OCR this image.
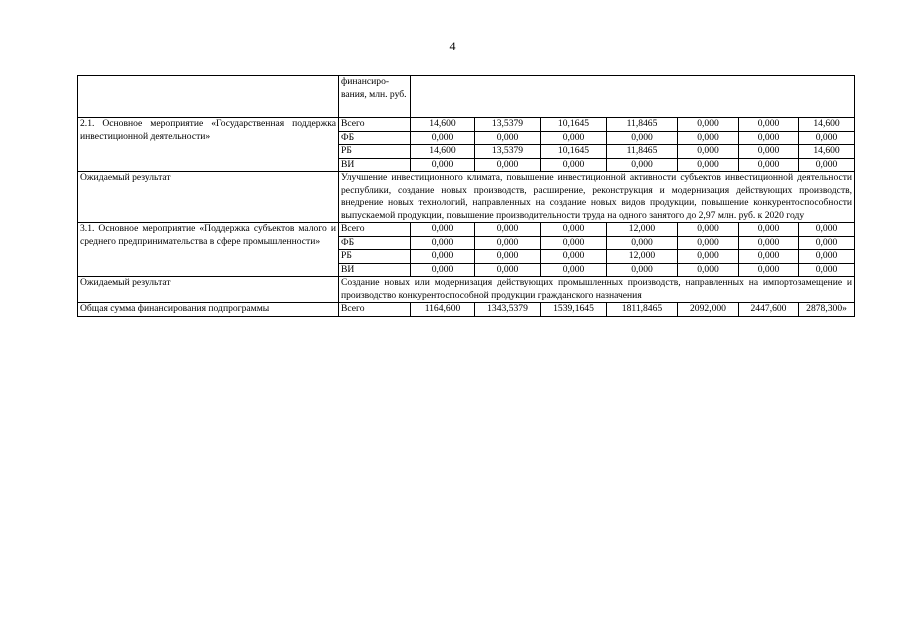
4
	финансиро-вания, млн. руб.							
2.1. Основное мероприятие «Государственная поддержка инвестиционной деятельности»	Всего	14,600	13,5379	10,1645	11,8465	0,000	0,000	14,600
	ФБ	0,000	0,000	0,000	0,000	0,000	0,000	0,000
	РБ	14,600	13,5379	10,1645	11,8465	0,000	0,000	14,600
	ВИ	0,000	0,000	0,000	0,000	0,000	0,000	0,000
Ожидаемый результат	Улучшение инвестиционного климата, повышение инвестиционной активности субъектов инвестиционной деятельности республики, создание новых производств, расширение, реконструкция и модернизация действующих производств, внедрение новых технологий, направленных на создание новых видов продукции, повышение конкурентоспособности выпускаемой продукции, повышение производительности труда на одного занятого до 2,97 млн. руб. к 2020 году							
3.1. Основное мероприятие «Поддержка субъектов малого и среднего предпринимательства в сфере промышленности»	Всего	0,000	0,000	0,000	12,000	0,000	0,000	0,000
	ФБ	0,000	0,000	0,000	0,000	0,000	0,000	0,000
	РБ	0,000	0,000	0,000	12,000	0,000	0,000	0,000
	ВИ	0,000	0,000	0,000	0,000	0,000	0,000	0,000
Ожидаемый результат	Создание новых или модернизация действующих промышленных производств, направленных на импортозамещение и производство конкурентоспособной продукции гражданского назначения							
Общая сумма финансирования подпрограммы	Всего	1164,600	1343,5379	1539,1645	1811,8465	2092,000	2447,600	2878,300»
